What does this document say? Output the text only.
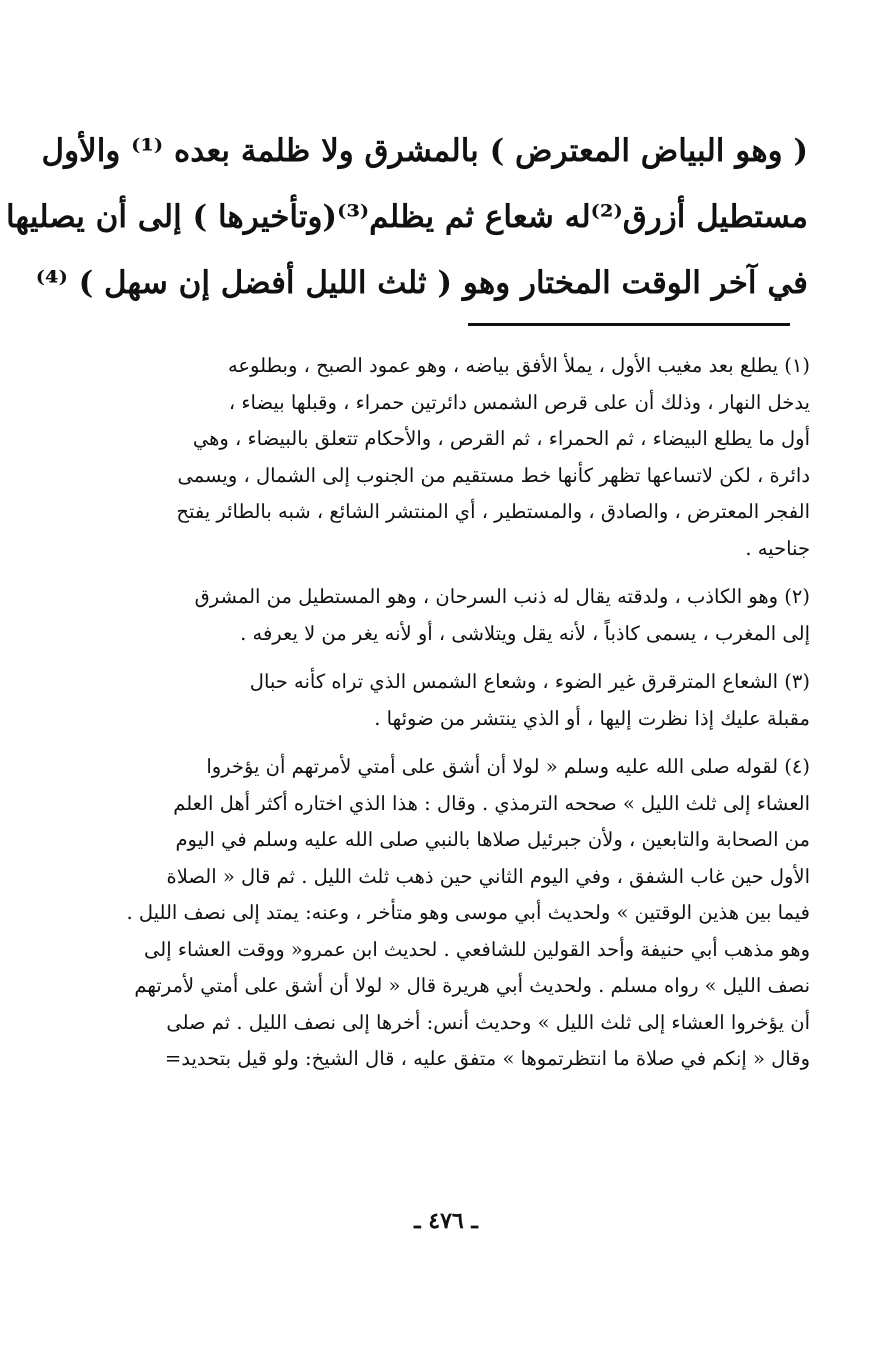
( وهو البياض المعترض ) بالمشرق ولا ظلمة بعده ⁽¹⁾ والأول
مستطيل أزرق⁽²⁾له شعاع ثم يظلم⁽³⁾(وتأخيرها ) إلى أن يصليها
في آخر الوقت المختار وهو ( ثلث الليل أفضل إن سهل ) ⁽⁴⁾
(١) يطلع بعد مغيب الأول ، يملأ الأفق بياضه ، وهو عمود الصبح ، وبطلوعه
يدخل النهار ، وذلك أن على قرص الشمس دائرتين حمراء ، وقبلها بيضاء ،
أول ما يطلع البيضاء ، ثم الحمراء ، ثم القرص ، والأحكام تتعلق بالبيضاء ، وهي
دائرة ، لكن لاتساعها تظهر كأنها خط مستقيم من الجنوب إلى الشمال ، ويسمى
الفجر المعترض ، والصادق ، والمستطير ، أي المنتشر الشائع ، شبه بالطائر يفتح
جناحيه .
(٢) وهو الكاذب ، ولدقته يقال له ذنب السرحان ، وهو المستطيل من المشرق
إلى المغرب ، يسمى كاذباً ، لأنه يقل ويتلاشى ، أو لأنه يغر من لا يعرفه .
(٣) الشعاع المترقرق غير الضوء ، وشعاع الشمس الذي تراه كأنه حبال
مقبلة عليك إذا نظرت إليها ، أو الذي ينتشر من ضوئها .
(٤) لقوله صلى الله عليه وسلم « لولا أن أشق على أمتي لأمرتهم أن يؤخروا
العشاء إلى ثلث الليل » صححه الترمذي . وقال : هذا الذي اختاره أكثر أهل العلم
من الصحابة والتابعين ، ولأن جبرئيل صلاها بالنبي صلى الله عليه وسلم في اليوم
الأول حين غاب الشفق ، وفي اليوم الثاني حين ذهب ثلث الليل . ثم قال « الصلاة
فيما بين هذين الوقتين » ولحديث أبي موسى وهو متأخر ، وعنه: يمتد إلى نصف الليل .
وهو مذهب أبي حنيفة وأحد القولين للشافعي . لحديث ابن عمرو« ووقت العشاء إلى
نصف الليل » رواه مسلم . ولحديث أبي هريرة قال « لولا أن أشق على أمتي لأمرتهم
أن يؤخروا العشاء إلى ثلث الليل » وحديث أنس: أخرها إلى نصف الليل . ثم صلى
وقال « إنكم في صلاة ما انتظرتموها » متفق عليه ، قال الشيخ: ولو قيل بتحديد=
ـ ٤٧٦ ـ
